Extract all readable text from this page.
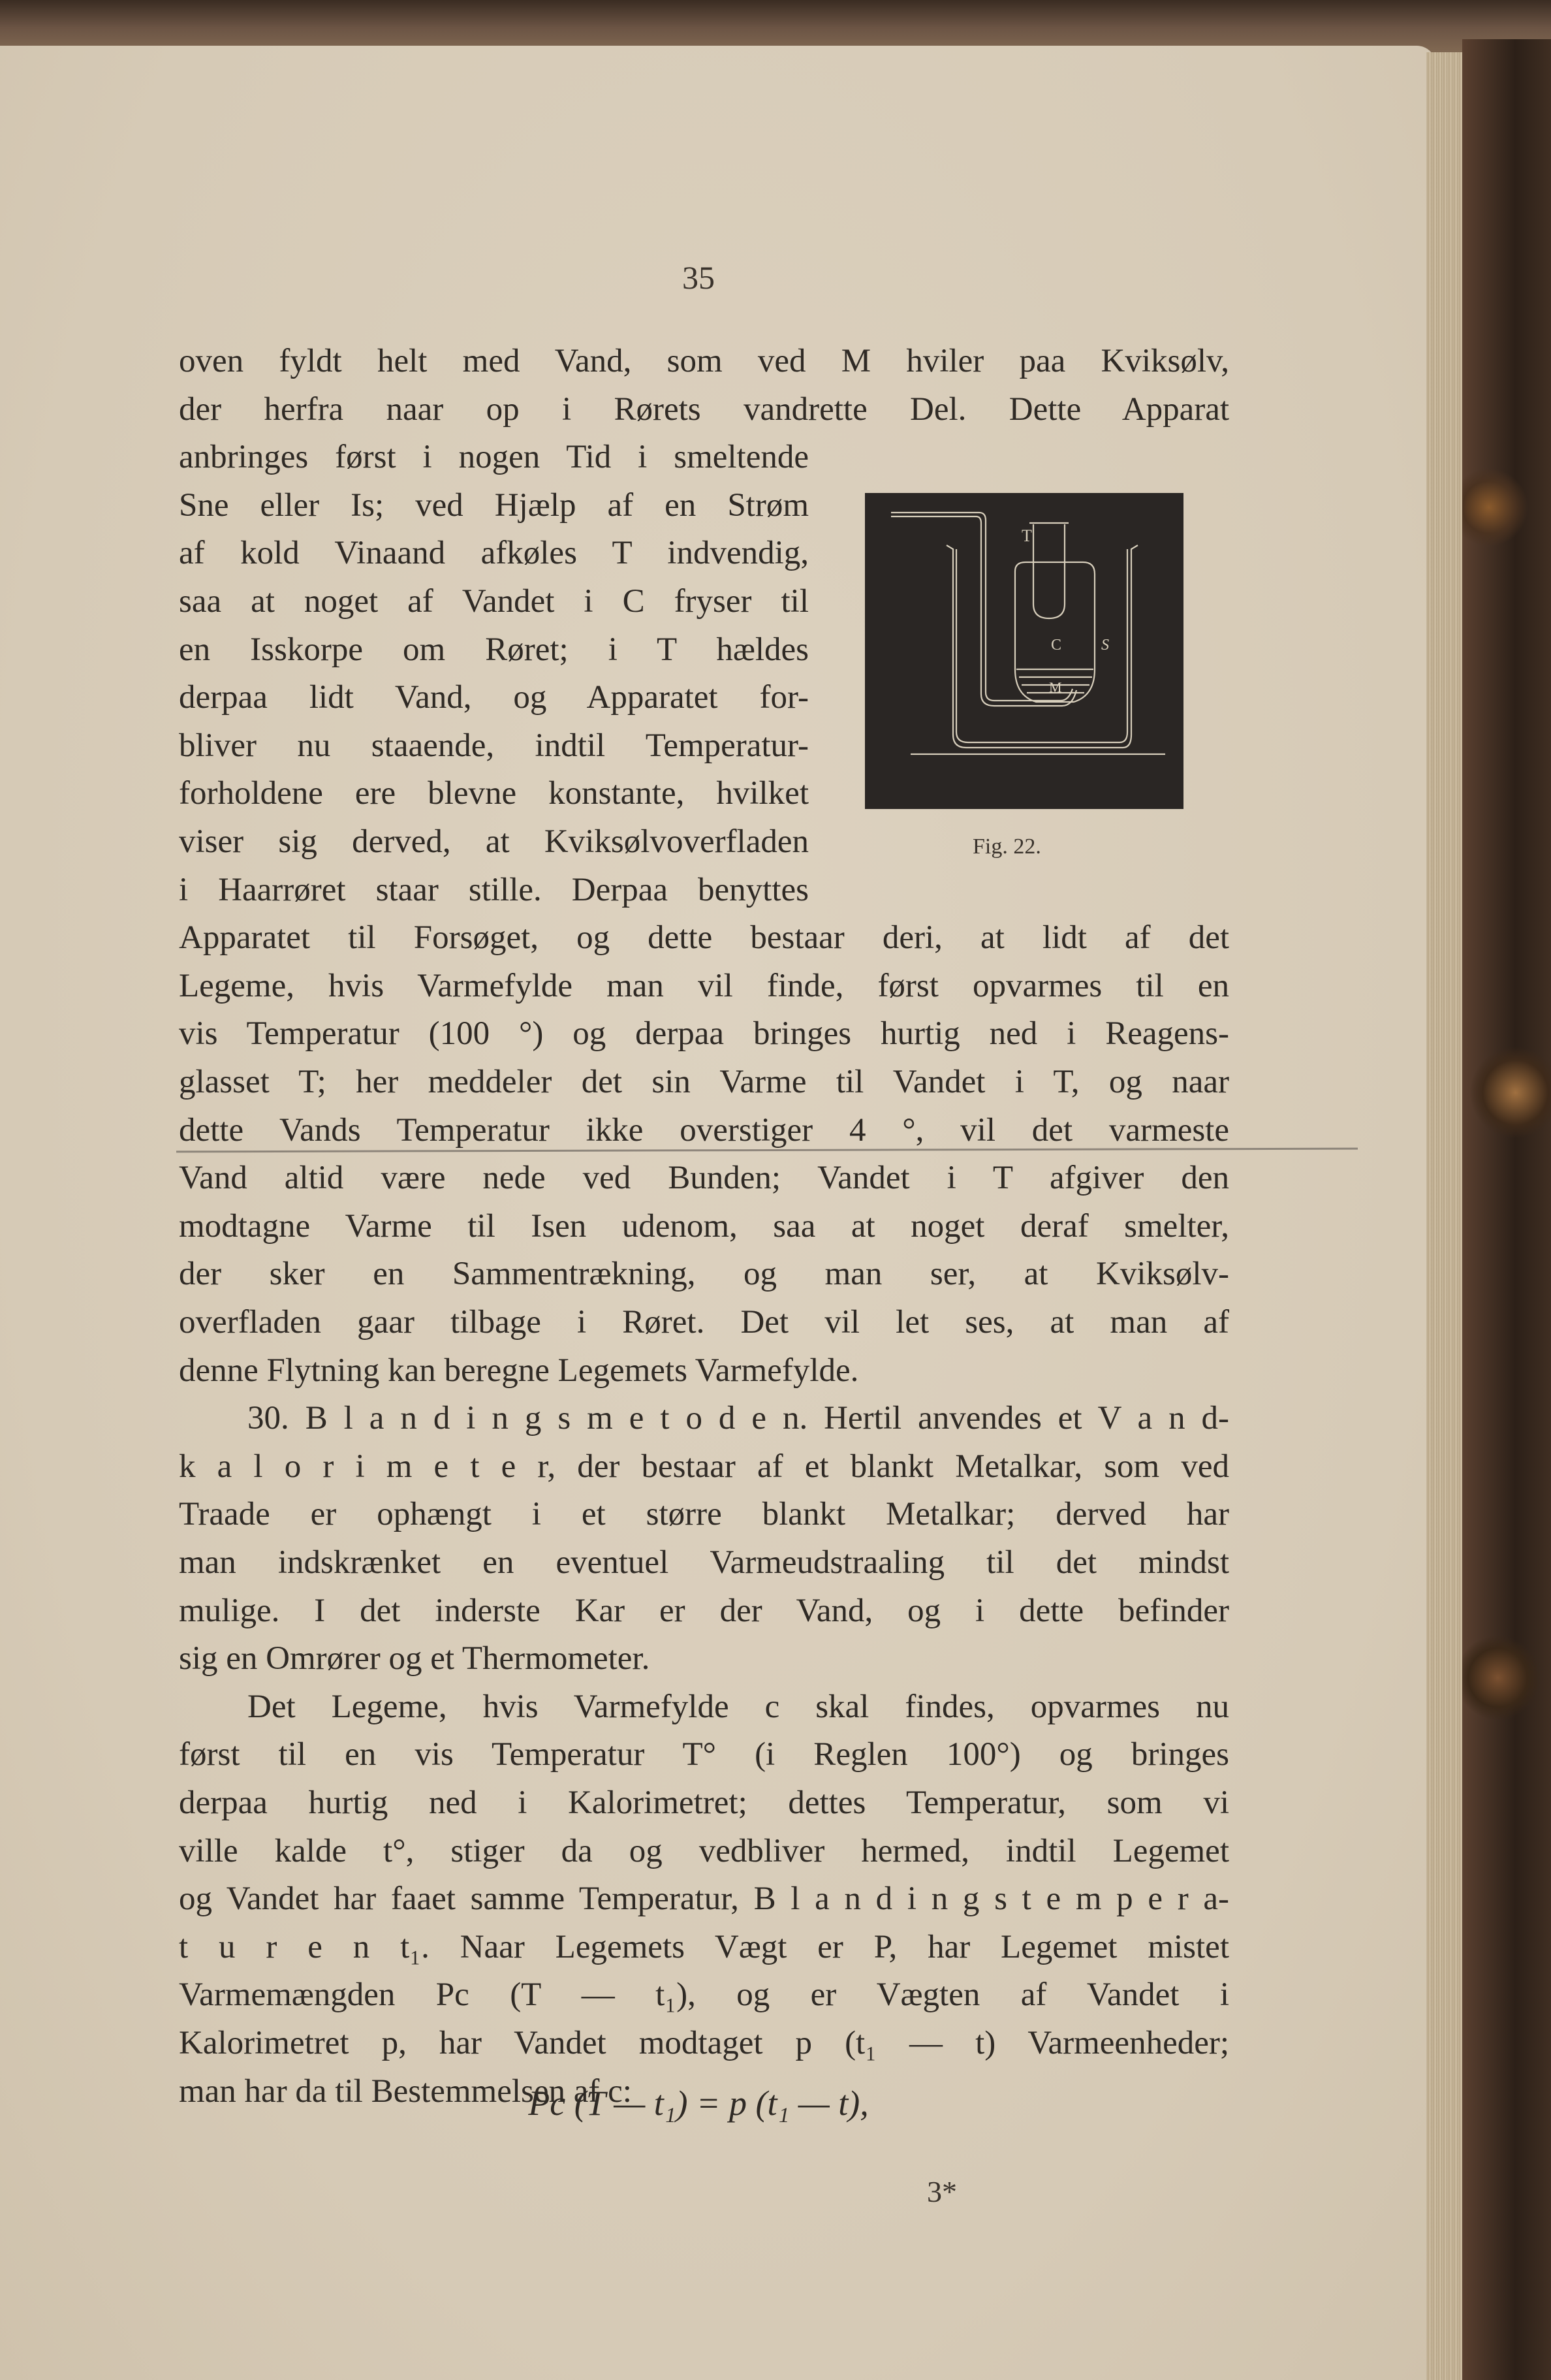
35
oven fyldt helt med Vand, som ved M hviler paa Kviksølv,
der herfra naar op i Rørets vandrette Del. Dette Apparat
anbringes først i nogen Tid i smeltende
Sne eller Is; ved Hjælp af en Strøm
af kold Vinaand afkøles T indvendig,
saa at noget af Vandet i C fryser til
en Isskorpe om Røret; i T hældes
derpaa lidt Vand, og Apparatet for-
bliver nu staaende, indtil Temperatur-
forholdene ere blevne konstante, hvilket
viser sig derved, at Kviksølvoverfladen
i Haarrøret staar stille. Derpaa benyttes
Apparatet til Forsøget, og dette bestaar deri, at lidt af det
Legeme, hvis Varmefylde man vil finde, først opvarmes til en
vis Temperatur (100 °) og derpaa bringes hurtig ned i Reagens-
glasset T; her meddeler det sin Varme til Vandet i T, og naar
dette Vands Temperatur ikke overstiger 4 °, vil det varmeste
Vand altid være nede ved Bunden; Vandet i T afgiver den
modtagne Varme til Isen udenom, saa at noget deraf smelter,
der sker en Sammentrækning, og man ser, at Kviksølv-
overfladen gaar tilbage i Røret. Det vil let ses, at man af
denne Flytning kan beregne Legemets Varmefylde.
30. B l a n d i n g s m e t o d e n. Hertil anvendes et V a n d-
k a l o r i m e t e r, der bestaar af et blankt Metalkar, som ved
Traade er ophængt i et større blankt Metalkar; derved har
man indskrænket en eventuel Varmeudstraaling til det mindst
mulige. I det inderste Kar er der Vand, og i dette befinder
sig en Omrører og et Thermometer.
Det Legeme, hvis Varmefylde c skal findes, opvarmes nu
først til en vis Temperatur T° (i Reglen 100°) og bringes
derpaa hurtig ned i Kalorimetret; dettes Temperatur, som vi
ville kalde t°, stiger da og vedbliver hermed, indtil Legemet
og Vandet har faaet samme Temperatur, B l a n d i n g s t e m p e r a-
t u r e n t₁. Naar Legemets Vægt er P, har Legemet mistet
Varmemængden Pc (T — t₁), og er Vægten af Vandet i
Kalorimetret p, har Vandet modtaget p (t₁ — t) Varmeenheder;
man har da til Bestemmelsen af c:
T
C	S
M
Fig. 22.
Pc (T — t₁) = p (t₁ — t),
3*
